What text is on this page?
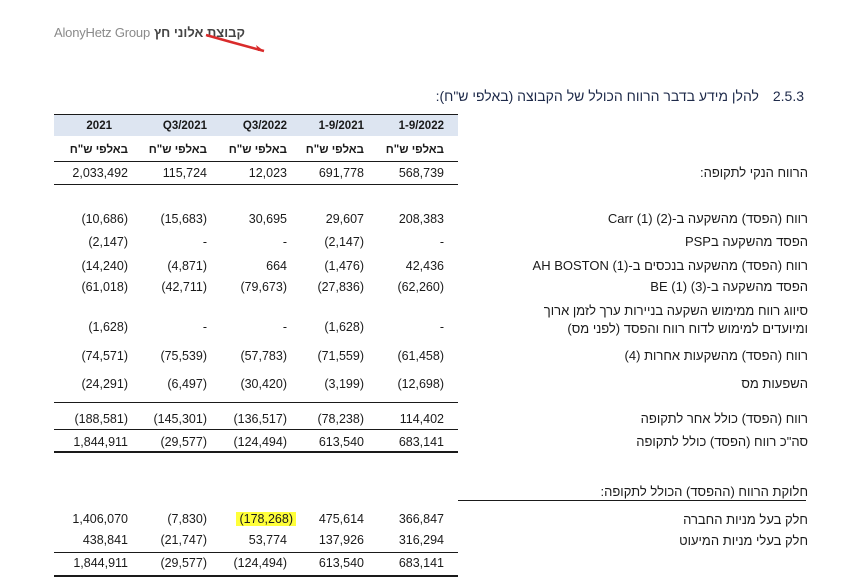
AlonyHetz Group קבוצת אלוני חץ
2.5.3 להלן מידע בדבר הרווח הכולל של הקבוצה (באלפי ש"ח):
1-9/2022
1-9/2021
Q3/2022
Q3/2021
2021
באלפי ש"ח
באלפי ש"ח
באלפי ש"ח
באלפי ש"ח
באלפי ש"ח
הרווח הנקי לתקופה:
568,739
691,778
12,023
115,724
2,033,492
רווח (הפסד) מהשקעה ב-Carr (1) (2)
208,383
29,607
30,695
(15,683)
(10,686)
הפסד מהשקעה בPSP
-
(2,147)
-
-
(2,147)
רווח (הפסד) מהשקעה בנכסים ב-AH BOSTON (1)
42,436
(1,476)
664
(4,871)
(14,240)
הפסד מהשקעה ב-BE (1) (3)
(62,260)
(27,836)
(79,673)
(42,711)
(61,018)
סיווג רווח ממימוש השקעה בניירות ערך לזמן ארוך ומיועדים למימוש לדוח רווח והפסד (לפני מס)
-
(1,628)
-
-
(1,628)
רווח (הפסד) מהשקעות אחרות (4)
(61,458)
(71,559)
(57,783)
(75,539)
(74,571)
השפעות מס
(12,698)
(3,199)
(30,420)
(6,497)
(24,291)
רווח (הפסד) כולל אחר לתקופה
114,402
(78,238)
(136,517)
(145,301)
(188,581)
סה"כ רווח (הפסד) כולל לתקופה
683,141
613,540
(124,494)
(29,577)
1,844,911
חלוקת הרווח (ההפסד) הכולל לתקופה:
חלק בעל מניות החברה
366,847
475,614
(178,268)
(7,830)
1,406,070
חלק בעלי מניות המיעוט
316,294
137,926
53,774
(21,747)
438,841
683,141
613,540
(124,494)
(29,577)
1,844,911
